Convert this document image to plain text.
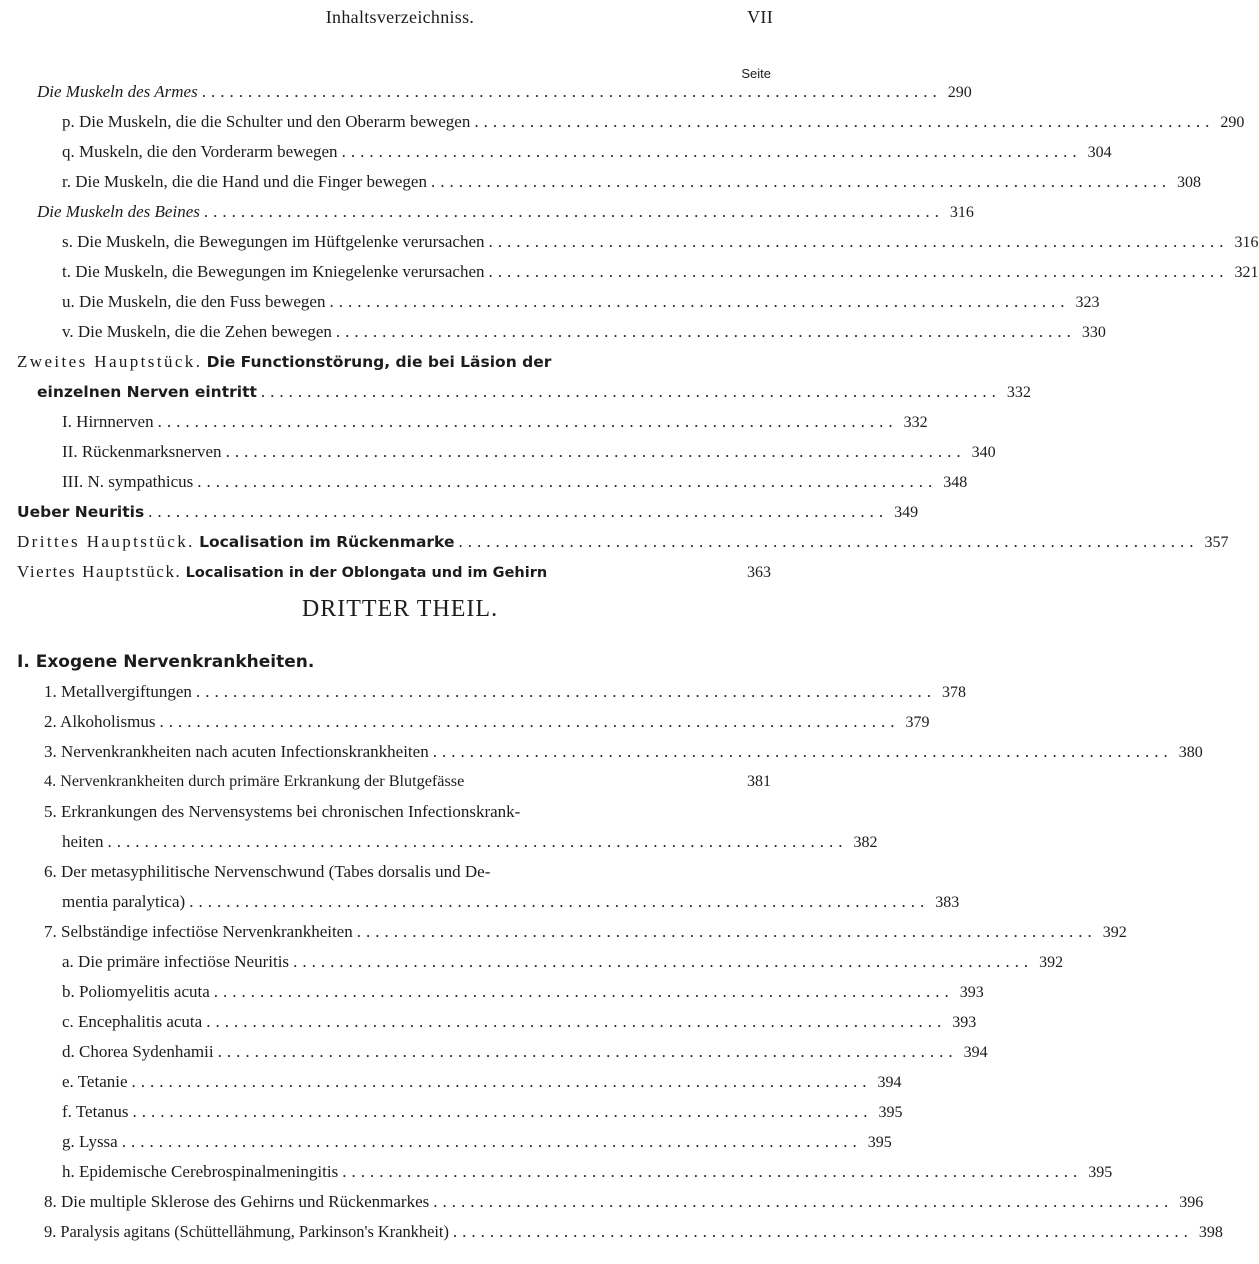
Inhaltsverzeichniss.	VII
Seite
Die Muskeln des Armes ................................................................................ 290
p. Die Muskeln, die die Schulter und den Oberarm bewegen ................................................................................ 290
q. Muskeln, die den Vorderarm bewegen ................................................................................ 304
r. Die Muskeln, die die Hand und die Finger bewegen ................................................................................ 308
Die Muskeln des Beines ................................................................................ 316
s. Die Muskeln, die Bewegungen im Hüftgelenke verursachen ................................................................................ 316
t. Die Muskeln, die Bewegungen im Kniegelenke verursachen ................................................................................ 321
u. Die Muskeln, die den Fuss bewegen ................................................................................ 323
v. Die Muskeln, die die Zehen bewegen ................................................................................ 330
Zweites Hauptstück. Die Functionstörung, die bei Läsion der
einzelnen Nerven eintritt ................................................................................ 332
I. Hirnnerven ................................................................................ 332
II. Rückenmarksnerven ................................................................................ 340
III. N. sympathicus ................................................................................ 348
Ueber Neuritis ................................................................................ 349
Drittes Hauptstück. Localisation im Rückenmarke ................................................................................ 357
Viertes Hauptstück. Localisation in der Oblongata und im Gehirn	363
DRITTER THEIL.
I. Exogene Nervenkrankheiten.
1. Metallvergiftungen ................................................................................ 378
2. Alkoholismus ................................................................................ 379
3. Nervenkrankheiten nach acuten Infectionskrankheiten ................................................................................ 380
4. Nervenkrankheiten durch primäre Erkrankung der Blutgefässe	381
5. Erkrankungen des Nervensystems bei chronischen Infectionskrank-
heiten ................................................................................ 382
6. Der metasyphilitische Nervenschwund (Tabes dorsalis und De-
mentia paralytica) ................................................................................ 383
7. Selbständige infectiöse Nervenkrankheiten ................................................................................ 392
a. Die primäre infectiöse Neuritis ................................................................................ 392
b. Poliomyelitis acuta ................................................................................ 393
c. Encephalitis acuta ................................................................................ 393
d. Chorea Sydenhamii ................................................................................ 394
e. Tetanie ................................................................................ 394
f. Tetanus ................................................................................ 395
g. Lyssa ................................................................................ 395
h. Epidemische Cerebrospinalmeningitis ................................................................................ 395
8. Die multiple Sklerose des Gehirns und Rückenmarkes ................................................................................ 396
9. Paralysis agitans (Schüttellähmung, Parkinson's Krankheit) ................................................................................ 398
